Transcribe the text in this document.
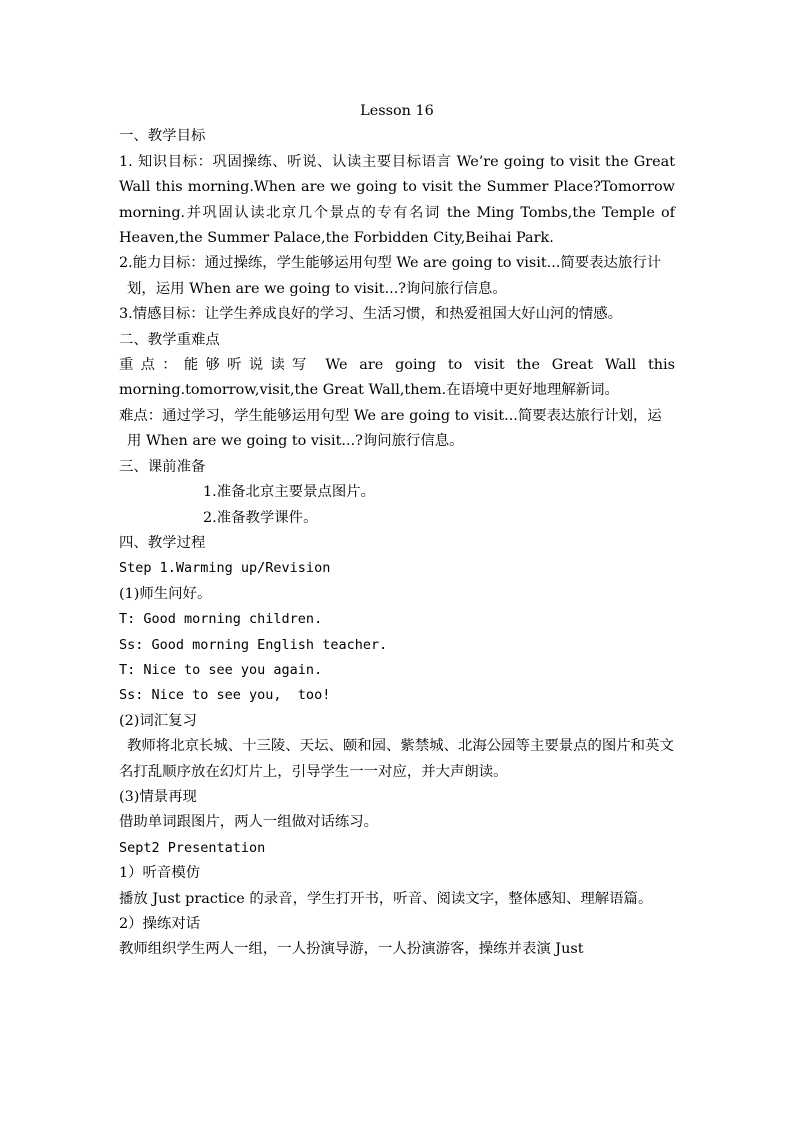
Lesson 16
一、教学目标
1. 知识目标：巩固操练、听说、认读主要目标语言 We’re going to visit the Great Wall this morning.When are we going to visit the Summer Place?Tomorrow morning.并巩固认读北京几个景点的专有名词 the Ming Tombs,the Temple of Heaven,the Summer Palace,the Forbidden City,Beihai Park.
2.能力目标：通过操练，学生能够运用句型 We are going to visit...简要表达旅行计划，运用 When are we going to visit...?询问旅行信息。
3.情感目标：让学生养成良好的学习、生活习惯，和热爱祖国大好山河的情感。
二、教学重难点
重点：能够听说读写 We are going to visit the Great Wall this morning.tomorrow,visit,the Great Wall,them.在语境中更好地理解新词。
难点：通过学习，学生能够运用句型 We are going to visit...简要表达旅行计划，运用 When are we going to visit...?询问旅行信息。
三、课前准备
1.准备北京主要景点图片。
2.准备教学课件。
四、教学过程
Step 1.Warming up/Revision
(1)师生问好。
T: Good morning children.
Ss: Good morning English teacher.
T: Nice to see you again.
Ss: Nice to see you,  too!
(2)词汇复习
教师将北京长城、十三陵、天坛、颐和园、紫禁城、北海公园等主要景点的图片和英文名打乱顺序放在幻灯片上，引导学生一一对应，并大声朗读。
(3)情景再现
借助单词跟图片，两人一组做对话练习。
Sept2 Presentation
1）听音模仿
播放 Just practice 的录音，学生打开书，听音、阅读文字，整体感知、理解语篇。
2）操练对话
教师组织学生两人一组，一人扮演导游，一人扮演游客，操练并表演 Just
